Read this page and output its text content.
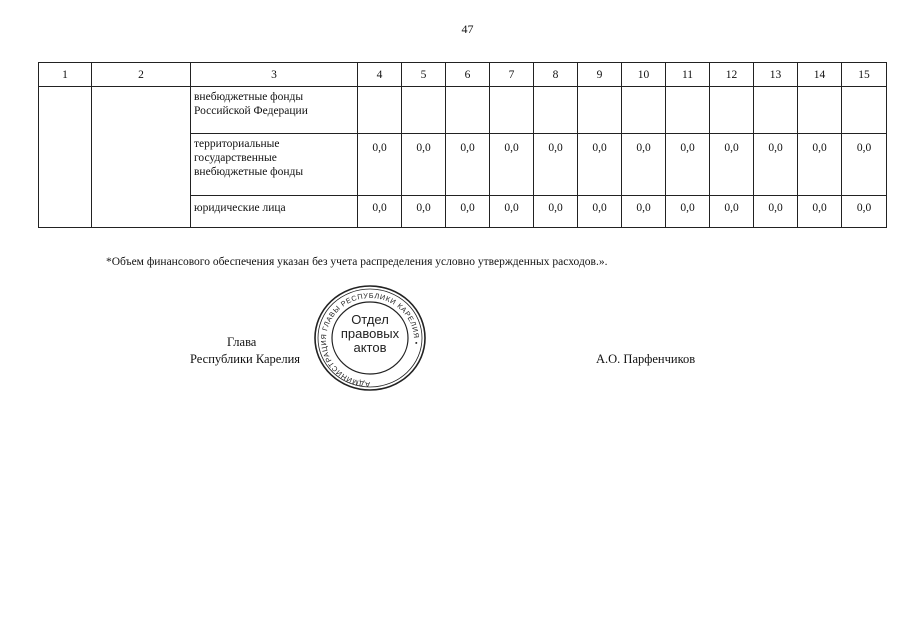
47
1	2	3	4	5	6	7	8	9	10	11	12	13	14	15

		внебюджетные фонды
Российской Федерации												

		территориальные
государственные
внебюджетные фонды	0,0	0,0	0,0	0,0	0,0	0,0	0,0	0,0	0,0	0,0	0,0	0,0

		юридические лица	0,0	0,0	0,0	0,0	0,0	0,0	0,0	0,0	0,0	0,0	0,0	0,0
*Объем финансового обеспечения указан без учета распределения условно утвержденных расходов.».
Глава
Республики Карелия
АДМИНИСТРАЦИЯ ГЛАВЫ РЕСПУБЛИКИ КАРЕЛИЯ •
Отдел
правовых
актов
А.О. Парфенчиков
